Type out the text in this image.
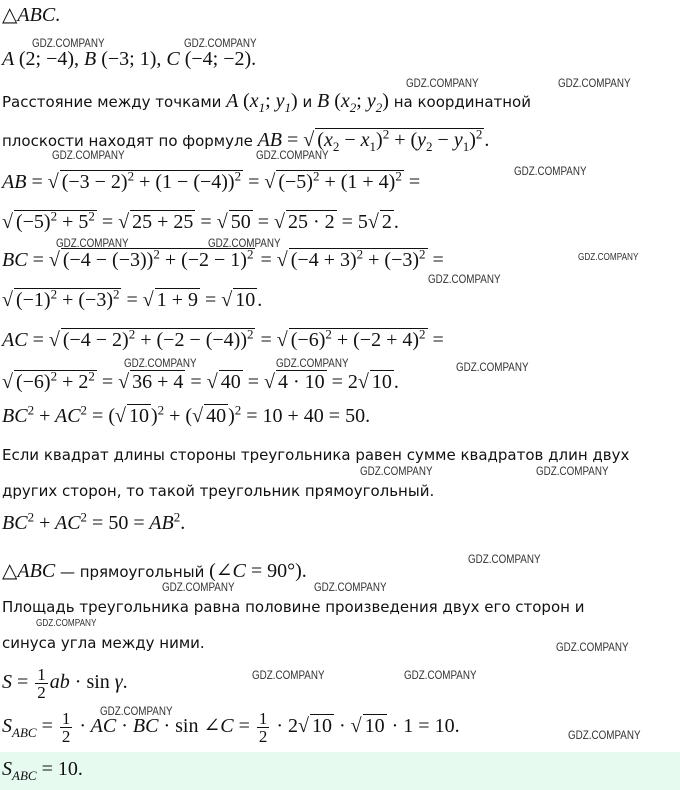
△ABC.
A (2; −4), B (−3; 1), C (−4; −2).
Расстояние между точками A ($x_1$; $y_1$) и B ($x_2$; $y_2$) на координатной
плоскости находят по формуле AB = √ $(x_2 - x_1)^2 + (y_2 - y_1)^2$ .
AB = √ $(-3 - 2)^2 + (1 - (-4))^2$ = √ $(-5)^2 + (1 + 4)^2$ =
√ $(-5)^2 + 5^2$ = √ 25 + 25 = √ 50 = √ 25 · 2 = 5√ 2 .
BC = √ $(-4 - (-3))^2 + (-2 - 1)^2$ = √ $(-4 + 3)^2 + (-3)^2$ =
√ $(-1)^2 + (-3)^2$ = √ 1 + 9 = √ 10 .
AC = √ $(-4 - 2)^2 + (-2 - (-4))^2$ = √ $(-6)^2 + (-2 + 4)^2$ =
√ $(-6)^2 + 2^2$ = √ 36 + 4 = √ 40 = √ 4 · 10 = 2√ 10 .
$BC^2 + AC^2$ = (√ 10 )$^2$ + (√ 40 )$^2$ = 10 + 40 = 50.
Если квадрат длины стороны треугольника равен сумме квадратов длин двух
других сторон, то такой треугольник прямоугольный.
$BC^2 + AC^2 = 50 = AB^2$.
△ABC — прямоугольный (∠C = 90°).
Площадь треугольника равна половине произведения двух его сторон и
синуса угла между ними.
$S = \frac{1}{2}$ ab · sin γ.
$S_{ABC} = \frac{1}{2}$ · AC · BC · sin ∠C = $\frac{1}{2} \cdot 2√$ 10 · √ 10 · 1 = 10.
$S_{ABC} = 10$.
GDZ.COMPANY	GDZ.COMPANY
GDZ.COMPANY	GDZ.COMPANY
GDZ.COMPANY	GDZ.COMPANY
GDZ.COMPANY
GDZ.COMPANY	GDZ.COMPANY
GDZ.COMPANY
GDZ.COMPANY
GDZ.COMPANY	GDZ.COMPANY	GDZ.COMPANY
GDZ.COMPANY	GDZ.COMPANY
GDZ.COMPANY
GDZ.COMPANY	GDZ.COMPANY
GDZ.COMPANY
GDZ.COMPANY
GDZ.COMPANY	GDZ.COMPANY
GDZ.COMPANY
GDZ.COMPANY
